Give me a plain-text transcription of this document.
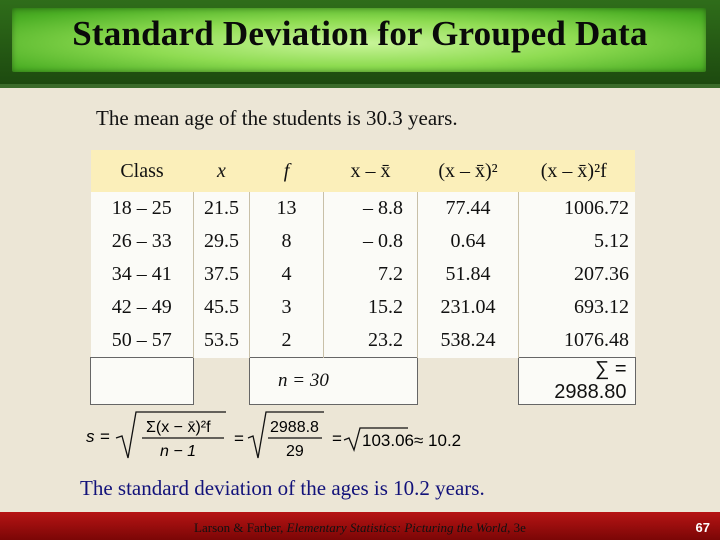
Standard Deviation for Grouped Data
The mean age of the students is 30.3 years.
Class	x	f	x – x̄	(x – x̄)²	(x – x̄)²f
18 – 25	21.5	13	– 8.8	77.44	1006.72
26 – 33	29.5	8	– 0.8	0.64	5.12
34 – 41	37.5	4	7.2	51.84	207.36
42 – 49	45.5	3	15.2	231.04	693.12
50 – 57	53.5	2	23.2	538.24	1076.48
		n = 30			∑ = 2988.80
s = Σ(x − x̄)²f
n − 1
=
2988.8
29
= 103.06 ≈ 10.2
The standard deviation of the ages is 10.2 years.
Larson & Farber, Elementary Statistics: Picturing the World, 3e	67
